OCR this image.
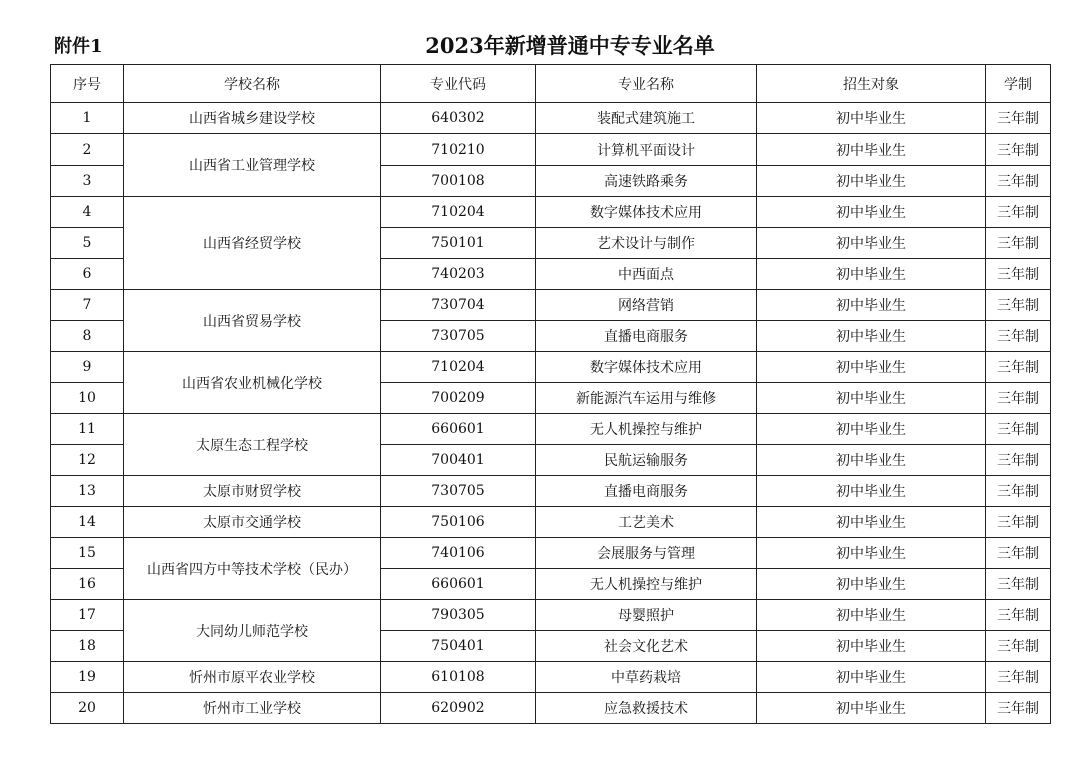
附件1	2023年新增普通中专专业名单
序号	学校名称	专业代码	专业名称	招生对象	学制
1	山西省城乡建设学校	640302	装配式建筑施工	初中毕业生	三年制
2	山西省工业管理学校	710210	计算机平面设计	初中毕业生	三年制
3		700108	高速铁路乘务	初中毕业生	三年制
4	山西省经贸学校	710204	数字媒体技术应用	初中毕业生	三年制
5		750101	艺术设计与制作	初中毕业生	三年制
6		740203	中西面点	初中毕业生	三年制
7	山西省贸易学校	730704	网络营销	初中毕业生	三年制
8		730705	直播电商服务	初中毕业生	三年制
9	山西省农业机械化学校	710204	数字媒体技术应用	初中毕业生	三年制
10		700209	新能源汽车运用与维修	初中毕业生	三年制
11	太原生态工程学校	660601	无人机操控与维护	初中毕业生	三年制
12		700401	民航运输服务	初中毕业生	三年制
13	太原市财贸学校	730705	直播电商服务	初中毕业生	三年制
14	太原市交通学校	750106	工艺美术	初中毕业生	三年制
15	山西省四方中等技术学校（民办）	740106	会展服务与管理	初中毕业生	三年制
16		660601	无人机操控与维护	初中毕业生	三年制
17	大同幼儿师范学校	790305	母婴照护	初中毕业生	三年制
18		750401	社会文化艺术	初中毕业生	三年制
19	忻州市原平农业学校	610108	中草药栽培	初中毕业生	三年制
20	忻州市工业学校	620902	应急救援技术	初中毕业生	三年制
